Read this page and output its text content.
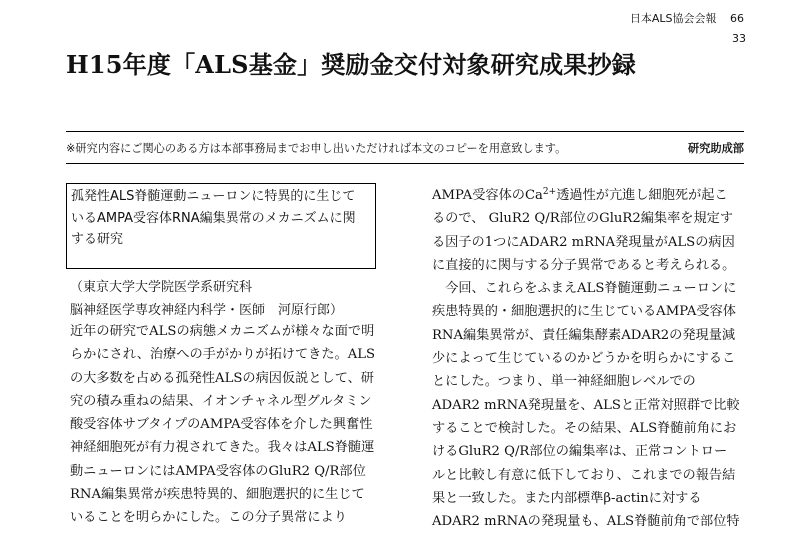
日本ALS協会会報 66
33
H15年度「ALS基金」奨励金交付対象研究成果抄録
※研究内容にご関心のある方は本部事務局までお申し出いただければ本文のコピーを用意致します。	研究助成部
孤発性ALS脊髄運動ニューロンに特異的に生じて
いるAMPA受容体RNA編集異常のメカニズムに関
する研究
（東京大学大学院医学系研究科
脳神経医学専攻神経内科学・医師　河原行郎）
近年の研究でALSの病態メカニズムが様々な面で明
らかにされ、治療への手がかりが拓けてきた。ALS
の大多数を占める孤発性ALSの病因仮説として、研
究の積み重ねの結果、イオンチャネル型グルタミン
酸受容体サブタイプのAMPA受容体を介した興奮性
神経細胞死が有力視されてきた。我々はALS脊髄運
動ニューロンにはAMPA受容体のGluR2 Q/R部位
RNA編集異常が疾患特異的、細胞選択的に生じて
いることを明らかにした。この分子異常により
AMPA受容体の$Ca^{2+}$透過性が亢進し細胞死が起こ
るので、 GluR2 Q/R部位のGluR2編集率を規定す
る因子の1つにADAR2 mRNA発現量がALSの病因
に直接的に関与する分子異常であると考えられる。
　今回、これらをふまえALS脊髄運動ニューロンに
疾患特異的・細胞選択的に生じているAMPA受容体
RNA編集異常が、責任編集酵素ADAR2の発現量減
少によって生じているのかどうかを明らかにするこ
とにした。つまり、単一神経細胞レベルでの
ADAR2 mRNA発現量を、ALSと正常対照群で比較
することで検討した。その結果、ALS脊髄前角にお
けるGluR2 Q/R部位の編集率は、正常コントロー
ルと比較し有意に低下しており、これまでの報告結
果と一致した。また内部標準β-actinに対する
ADAR2 mRNAの発現量も、ALS脊髄前角で部位特
